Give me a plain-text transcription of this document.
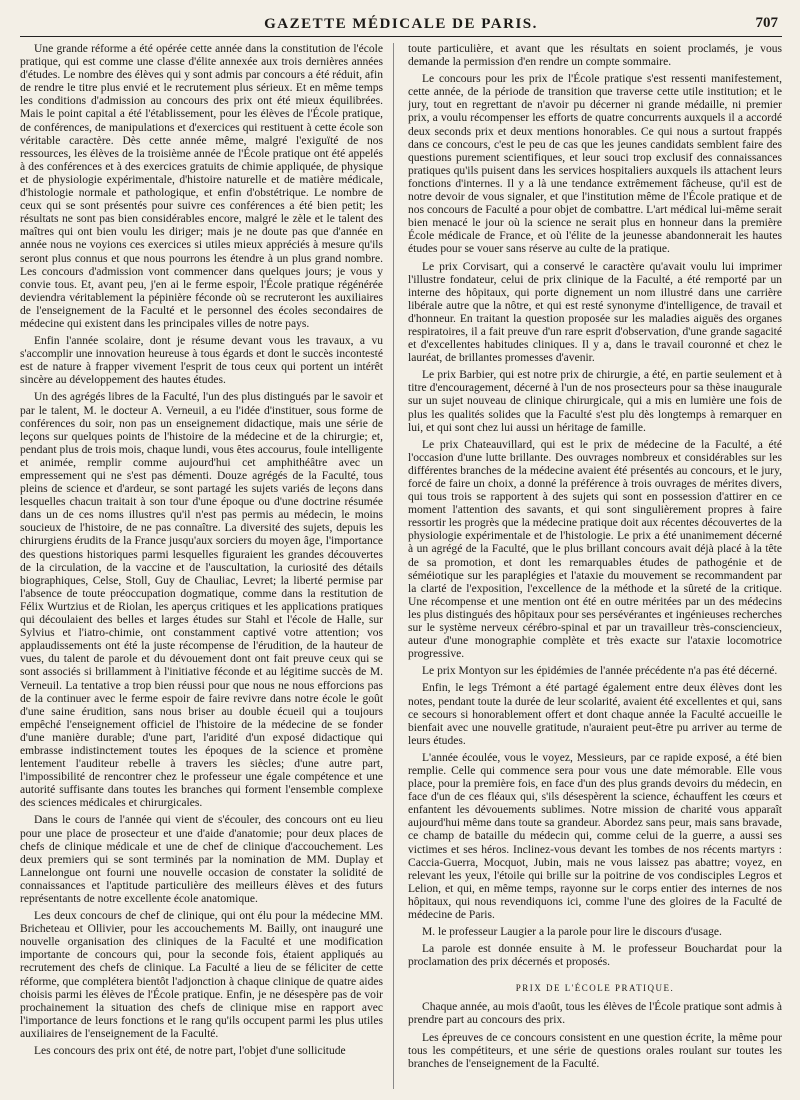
GAZETTE MÉDICALE DE PARIS.	707

Une grande réforme a été opérée cette année dans la constitution de l'école pratique, qui est comme une classe d'élite annexée aux trois dernières années d'études. Le nombre des élèves qui y sont admis par concours a été réduit, afin de rendre le titre plus envié et le recrutement plus sérieux. Et en même temps les conditions d'admission au concours des prix ont été mieux équilibrées. Mais le point capital a été l'établissement, pour les élèves de l'École pratique, de conférences, de manipulations et d'exercices qui restituent à cette école son véritable caractère. Dès cette année même, malgré l'exiguïté de nos ressources, les élèves de la troisième année de l'École pratique ont été appelés à des conférences et à des exercices gratuits de chimie appliquée, de physique et de physiologie expérimentale, d'histoire naturelle et de matière médicale, d'histologie normale et pathologique, et enfin d'obstétrique. Le nombre de ceux qui se sont présentés pour suivre ces conférences a été bien petit; les résultats ne sont pas bien considérables encore, malgré le zèle et le talent des maîtres qui ont bien voulu les diriger; mais je ne doute pas que d'année en année nous ne voyions ces exercices si utiles mieux appréciés à mesure qu'ils seront plus connus et que nous pourrons les étendre à un plus grand nombre. Les concours d'admission vont commencer dans quelques jours; je vous y convie tous. Et, avant peu, j'en ai le ferme espoir, l'École pratique régénérée deviendra véritablement la pépinière féconde où se recruteront les auxiliaires de l'enseignement de la Faculté et le personnel des écoles secondaires de médecine qui existent dans les principales villes de notre pays.

Enfin l'année scolaire, dont je résume devant vous les travaux, a vu s'accomplir une innovation heureuse à tous égards et dont le succès incontesté est de nature à frapper vivement l'esprit de tous ceux qui portent un intérêt sincère au développement des hautes études.

Un des agrégés libres de la Faculté, l'un des plus distingués par le savoir et par le talent, M. le docteur A. Verneuil, a eu l'idée d'instituer, sous forme de conférences du soir, non pas un enseignement didactique, mais une série de leçons sur quelques points de l'histoire de la médecine et de la chirurgie; et, pendant plus de trois mois, chaque lundi, vous êtes accourus, foule intelligente et animée, remplir comme aujourd'hui cet amphithéâtre avec un empressement qui ne s'est pas démenti. Douze agrégés de la Faculté, tous pleins de science et d'ardeur, se sont partagé les sujets variés de leçons dans lesquelles chacun traitait à son tour d'une époque ou d'une doctrine résumée dans un de ces noms illustres qu'il n'est pas permis au médecin, le moins soucieux de l'histoire, de ne pas connaître. La diversité des sujets, depuis les chirurgiens érudits de la France jusqu'aux sorciers du moyen âge, l'importance des questions historiques parmi lesquelles figuraient les grandes découvertes de la circulation, de la vaccine et de l'auscultation, la curiosité des détails biographiques, Celse, Stoll, Guy de Chauliac, Levret; la liberté permise par l'absence de toute préoccupation dogmatique, comme dans la restitution de Félix Wurtzius et de Riolan, les aperçus critiques et les applications pratiques qui découlaient des belles et larges études sur Stahl et l'école de Halle, sur Sylvius et l'iatro-chimie, ont constamment captivé votre attention; vos applaudissements ont été la juste récompense de l'érudition, de la hauteur de vues, du talent de parole et du dévouement dont ont fait preuve ceux qui se sont associés si brillamment à l'initiative féconde et au légitime succès de M. Verneuil. La tentative a trop bien réussi pour que nous ne nous efforcions pas de la continuer avec le ferme espoir de faire revivre dans notre école le goût d'une saine érudition, sans nous briser au double écueil qui a toujours empêché l'enseignement officiel de l'histoire de la médecine de se fonder d'une manière durable; d'une part, l'aridité d'un exposé didactique qui embrasse indistinctement toutes les époques de la science et promène lentement l'auditeur rebelle à travers les siècles; d'une autre part, l'impossibilité de rencontrer chez le professeur une égale compétence et une autorité suffisante dans toutes les branches qui forment l'ensemble complexe des sciences médicales et chirurgicales.

Dans le cours de l'année qui vient de s'écouler, des concours ont eu lieu pour une place de prosecteur et une d'aide d'anatomie; pour deux places de chefs de clinique médicale et une de chef de clinique d'accouchement. Les deux premiers qui se sont terminés par la nomination de MM. Duplay et Lannelongue ont fourni une nouvelle occasion de constater la solidité de connaissances et l'aptitude particulière des meilleurs élèves et des futurs représentants de notre excellente école anatomique.

Les deux concours de chef de clinique, qui ont élu pour la médecine MM. Bricheteau et Ollivier, pour les accouchements M. Bailly, ont inauguré une nouvelle organisation des cliniques de la Faculté et une modification importante de concours qui, pour la seconde fois, étaient appliqués au recrutement des chefs de clinique. La Faculté a lieu de se féliciter de cette réforme, que complétera bientôt l'adjonction à chaque clinique de quatre aides choisis parmi les élèves de l'École pratique. Enfin, je ne désespère pas de voir prochainement la situation des chefs de clinique mise en rapport avec l'importance de leurs fonctions et le rang qu'ils occupent parmi les plus utiles auxiliaires de l'enseignement de la Faculté.

Les concours des prix ont été, de notre part, l'objet d'une sollicitude

toute particulière, et avant que les résultats en soient proclamés, je vous demande la permission d'en rendre un compte sommaire.

Le concours pour les prix de l'École pratique s'est ressenti manifestement, cette année, de la période de transition que traverse cette utile institution; et le jury, tout en regrettant de n'avoir pu décerner ni grande médaille, ni premier prix, a voulu récompenser les efforts de quatre concurrents auxquels il a accordé deux seconds prix et deux mentions honorables. Ce qui nous a surtout frappés dans ce concours, c'est le peu de cas que les jeunes candidats semblent faire des questions purement scientifiques, et leur souci trop exclusif des connaissances pratiques qu'ils puisent dans les services hospitaliers auxquels ils attachent leurs fonctions d'internes. Il y a là une tendance extrêmement fâcheuse, qu'il est de notre devoir de vous signaler, et que l'institution même de l'École pratique et de nos concours de Faculté a pour objet de combattre. L'art médical lui-même serait bien menacé le jour où la science ne serait plus en honneur dans la première École médicale de France, et où l'élite de la jeunesse abandonnerait les hautes études pour se vouer sans réserve au culte de la pratique.

Le prix Corvisart, qui a conservé le caractère qu'avait voulu lui imprimer l'illustre fondateur, celui de prix clinique de la Faculté, a été remporté par un interne des hôpitaux, qui porte dignement un nom illustré dans une carrière libérale autre que la nôtre, et qui est resté synonyme d'intelligence, de travail et d'honneur. En traitant la question proposée sur les maladies aiguës des organes respiratoires, il a fait preuve d'un rare esprit d'observation, d'une grande sagacité et d'excellentes habitudes cliniques. Il y a, dans le travail couronné et chez le lauréat, de brillantes promesses d'avenir.

Le prix Barbier, qui est notre prix de chirurgie, a été, en partie seulement et à titre d'encouragement, décerné à l'un de nos prosecteurs pour sa thèse inaugurale sur un sujet nouveau de clinique chirurgicale, qui a mis en lumière une fois de plus les qualités solides que la Faculté s'est plu dès longtemps à remarquer en lui, et qui sont chez lui aussi un héritage de famille.

Le prix Chateauvillard, qui est le prix de médecine de la Faculté, a été l'occasion d'une lutte brillante. Des ouvrages nombreux et considérables sur les différentes branches de la médecine avaient été présentés au concours, et le jury, forcé de faire un choix, a donné la préférence à trois ouvrages de mérites divers, qui tous trois se rapportent à des sujets qui sont en possession d'attirer en ce moment l'attention des savants, et qui sont singulièrement propres à faire ressortir les progrès que la médecine pratique doit aux récentes découvertes de la physiologie expérimentale et de l'histologie. Le prix a été unanimement décerné à un agrégé de la Faculté, que le plus brillant concours avait déjà placé à la tête de sa promotion, et dont les remarquables études de pathogénie et de séméiotique sur les paraplégies et l'ataxie du mouvement se recommandent par la clarté de l'exposition, l'excellence de la méthode et la sûreté de la critique. Une récompense et une mention ont été en outre méritées par un des médecins les plus distingués des hôpitaux pour ses persévérantes et ingénieuses recherches sur le système nerveux cérébro-spinal et par un travailleur très-consciencieux, auteur d'une monographie complète et très exacte sur l'ataxie locomotrice progressive.

Le prix Montyon sur les épidémies de l'année précédente n'a pas été décerné.

Enfin, le legs Trémont a été partagé également entre deux élèves dont les notes, pendant toute la durée de leur scolarité, avaient été excellentes et qui, sans ce secours si honorablement offert et dont chaque année la Faculté accueille le bienfait avec une nouvelle gratitude, n'auraient peut-être pu arriver au terme de leurs études.

L'année écoulée, vous le voyez, Messieurs, par ce rapide exposé, a été bien remplie. Celle qui commence sera pour vous une date mémorable. Elle vous place, pour la première fois, en face d'un des plus grands devoirs du médecin, en face d'un de ces fléaux qui, s'ils désespèrent la science, échauffent les cœurs et enfantent les dévouements sublimes. Notre mission de charité vous apparaît aujourd'hui même dans toute sa grandeur. Abordez sans peur, mais sans bravade, ce champ de bataille du médecin qui, comme celui de la guerre, a aussi ses victimes et ses héros. Inclinez-vous devant les tombes de nos récents martyrs : Caccia-Guerra, Mocquot, Jubin, mais ne vous laissez pas abattre; voyez, en relevant les yeux, l'étoile qui brille sur la poitrine de vos condisciples Legros et Lelion, et qui, en même temps, rayonne sur le corps entier des internes de nos hôpitaux, qui nous revendiquons ici, comme l'une des gloires de la Faculté de médecine de Paris.

M. le professeur Laugier a la parole pour lire le discours d'usage.

La parole est donnée ensuite à M. le professeur Bouchardat pour la proclamation des prix décernés et proposés.

PRIX DE L'ÉCOLE PRATIQUE.

Chaque année, au mois d'août, tous les élèves de l'École pratique sont admis à prendre part au concours des prix.

Les épreuves de ce concours consistent en une question écrite, la même pour tous les compétiteurs, et une série de questions orales roulant sur toutes les branches de l'enseignement de la Faculté.
